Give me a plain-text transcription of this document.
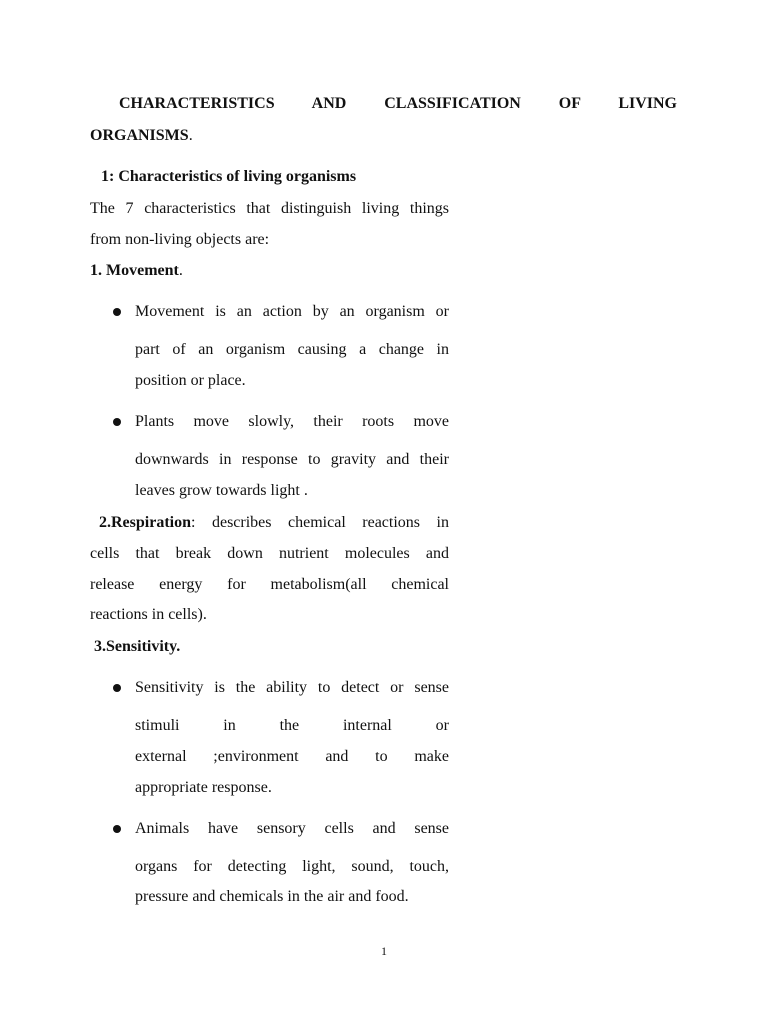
CHARACTERISTICS AND CLASSIFICATION OF LIVING
ORGANISMS.
1: Characteristics of living organisms
The 7 characteristics that distinguish living things
from non-living objects are:
1. Movement.
Movement is an action by an organism or
part of an organism causing a change in
position or place.
Plants move slowly, their roots move
downwards in response to gravity and their
leaves grow towards light .
2.Respiration : describes chemical reactions in
cells that break down nutrient molecules and
release energy for metabolism(all chemical
reactions in cells).
3.Sensitivity.
Sensitivity is the ability to detect or sense
stimuli in the internal or
external ;environment and to make
appropriate response.
Animals have sensory cells and sense
organs for detecting light, sound, touch,
pressure and chemicals in the air and food.
1
